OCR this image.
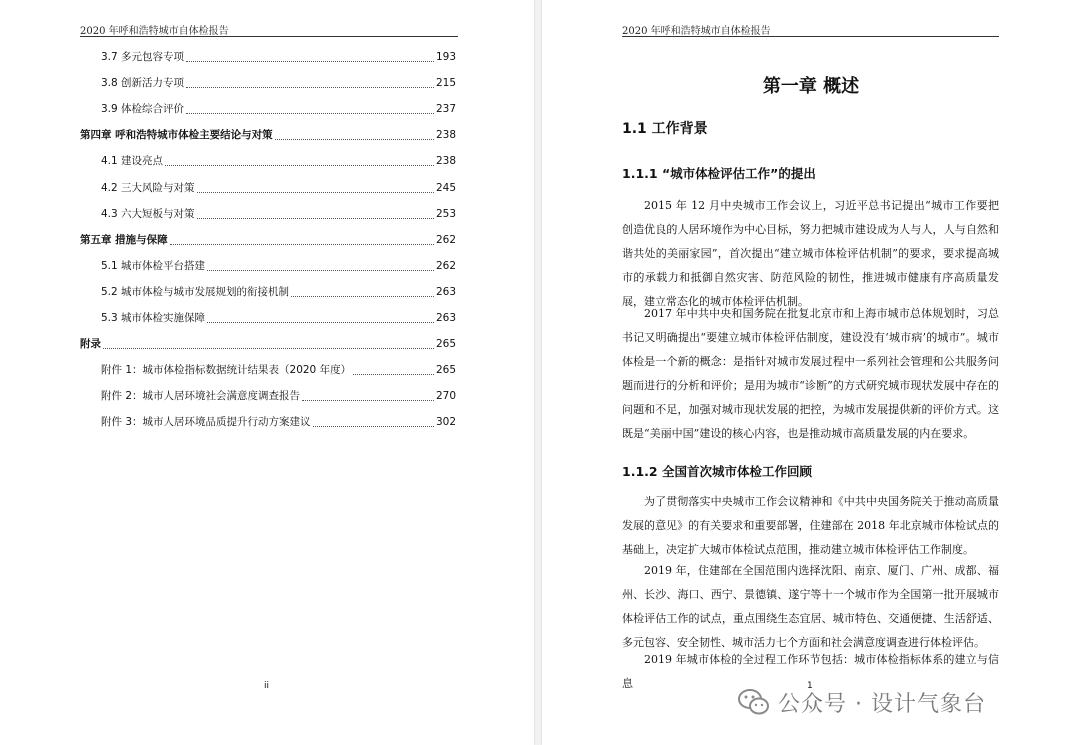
2020 年呼和浩特城市自体检报告
3.7 多元包容专项	193
3.8 创新活力专项	215
3.9 体检综合评价	237
第四章 呼和浩特城市体检主要结论与对策	238
4.1 建设亮点	238
4.2 三大风险与对策	245
4.3 六大短板与对策	253
第五章 措施与保障	262
5.1 城市体检平台搭建	262
5.2 城市体检与城市发展规划的衔接机制	263
5.3 城市体检实施保障	263
附录	265
附件 1：城市体检指标数据统计结果表（2020 年度）	265
附件 2：城市人居环境社会满意度调查报告	270
附件 3：城市人居环境品质提升行动方案建议	302
ii
2020 年呼和浩特城市自体检报告
第一章 概述
1.1 工作背景
1.1.1 “城市体检评估工作”的提出

2015 年 12 月中央城市工作会议上，习近平总书记提出“城市工作要把创造优良的人居环境作为中心目标，努力把城市建设成为人与人，人与自然和谐共处的美丽家园”，首次提出“建立城市体检评估机制”的要求，要求提高城市的承载力和抵御自然灾害、防范风险的韧性，推进城市健康有序高质量发展，建立常态化的城市体检评估机制。

2017 年中共中央和国务院在批复北京市和上海市城市总体规划时，习总书记又明确提出“要建立城市体检评估制度，建设没有‘城市病’的城市”。城市体检是一个新的概念：是指针对城市发展过程中一系列社会管理和公共服务问题而进行的分析和评价；是用为城市“诊断”的方式研究城市现状发展中存在的问题和不足，加强对城市现状发展的把控，为城市发展提供新的评价方式。这既是“美丽中国”建设的核心内容，也是推动城市高质量发展的内在要求。

1.1.2 全国首次城市体检工作回顾

为了贯彻落实中央城市工作会议精神和《中共中央国务院关于推动高质量发展的意见》的有关要求和重要部署，住建部在 2018 年北京城市体检试点的基础上，决定扩大城市体检试点范围，推动建立城市体检评估工作制度。

2019 年，住建部在全国范围内选择沈阳、南京、厦门、广州、成都、福州、长沙、海口、西宁、景德镇、遂宁等十一个城市作为全国第一批开展城市体检评估工作的试点，重点围绕生态宜居、城市特色、交通便捷、生活舒适、多元包容、安全韧性、城市活力七个方面和社会满意度调查进行体检评估。

2019 年城市体检的全过程工作环节包括：城市体检指标体系的建立与信息	1
公众号 · 设计气象台
